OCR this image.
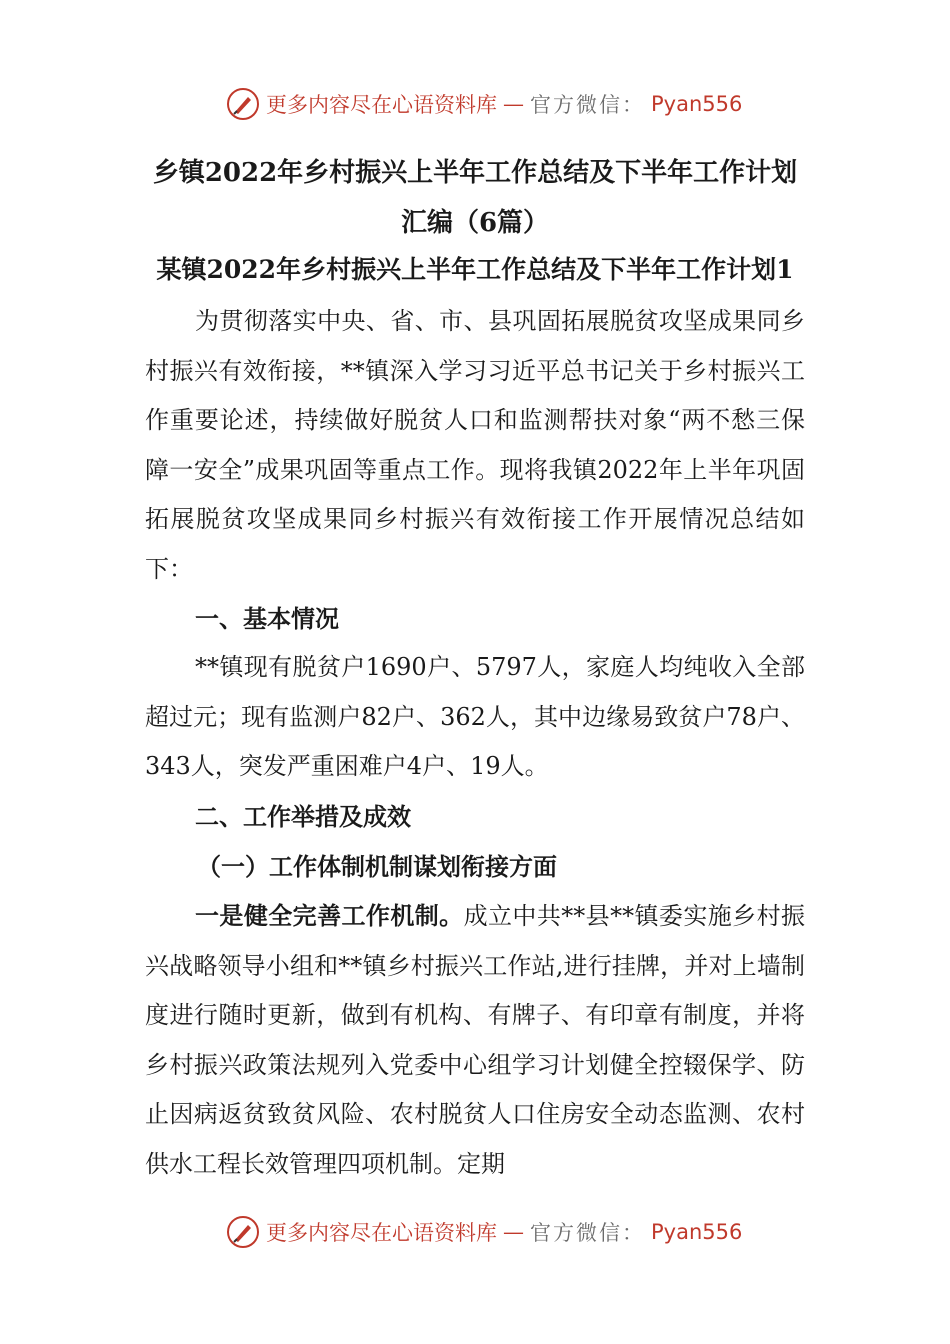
更多内容尽在心语资料库 — 官方微信： Pyan556
乡镇2022年乡村振兴上半年工作总结及下半年工作计划汇编（6篇）
某镇2022年乡村振兴上半年工作总结及下半年工作计划1
为贯彻落实中央、省、市、县巩固拓展脱贫攻坚成果同乡村振兴有效衔接，**镇深入学习习近平总书记关于乡村振兴工作重要论述，持续做好脱贫人口和监测帮扶对象“两不愁三保障一安全”成果巩固等重点工作。现将我镇2022年上半年巩固拓展脱贫攻坚成果同乡村振兴有效衔接工作开展情况总结如下：
一、基本情况
**镇现有脱贫户1690户、5797人，家庭人均纯收入全部超过元；现有监测户82户、362人，其中边缘易致贫户78户、343人，突发严重困难户4户、19人。
二、工作举措及成效
（一）工作体制机制谋划衔接方面
一是健全完善工作机制。成立中共**县**镇委实施乡村振兴战略领导小组和**镇乡村振兴工作站,进行挂牌，并对上墙制度进行随时更新，做到有机构、有牌子、有印章有制度，并将乡村振兴政策法规列入党委中心组学习计划健全控辍保学、防止因病返贫致贫风险、农村脱贫人口住房安全动态监测、农村供水工程长效管理四项机制。定期
更多内容尽在心语资料库 — 官方微信： Pyan556
